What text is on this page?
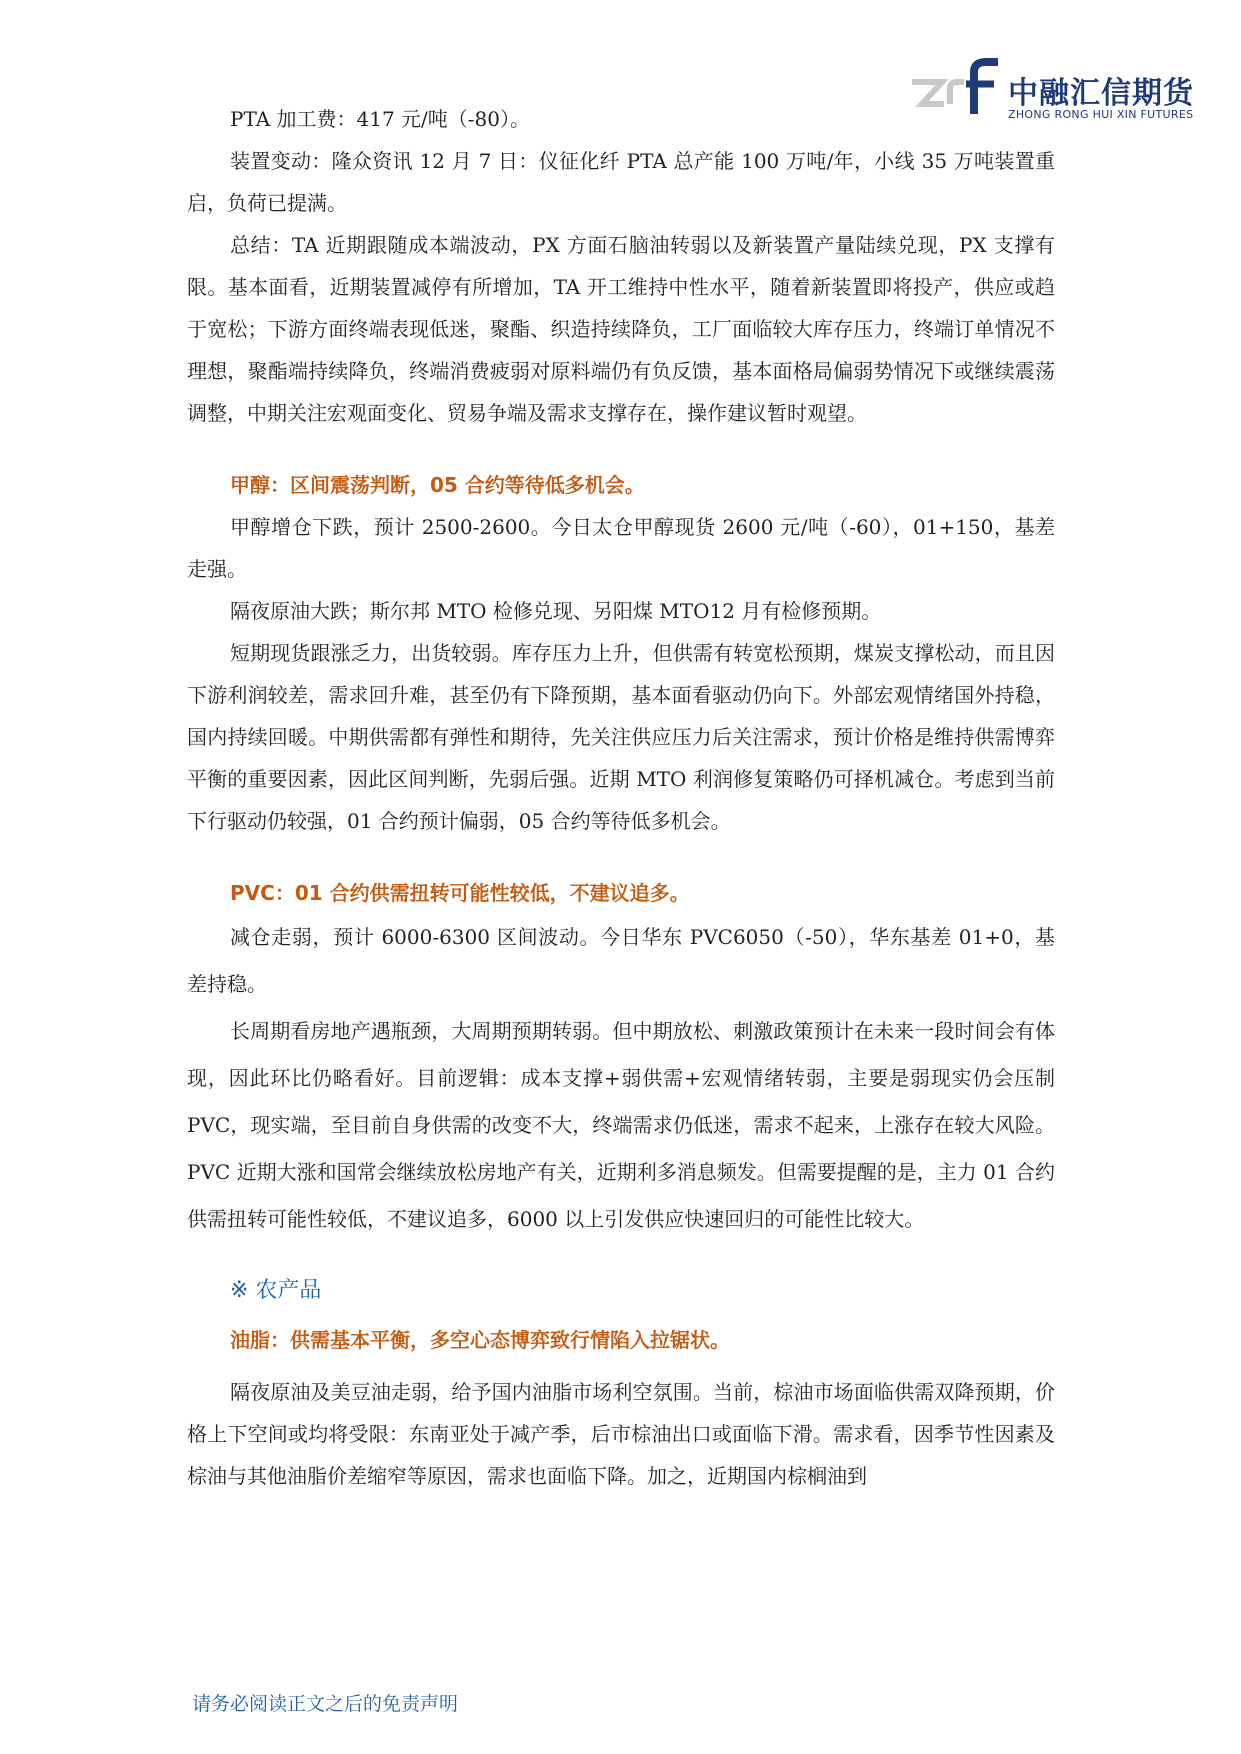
中融汇信期货
ZHONG RONG HUI XIN FUTURES

PTA 加工费：417 元/吨（-80）。

装置变动：隆众资讯 12 月 7 日：仪征化纤 PTA 总产能 100 万吨/年，小线 35 万吨装置重启，负荷已提满。

总结：TA 近期跟随成本端波动，PX 方面石脑油转弱以及新装置产量陆续兑现，PX 支撑有限。基本面看，近期装置减停有所增加，TA 开工维持中性水平，随着新装置即将投产，供应或趋于宽松；下游方面终端表现低迷，聚酯、织造持续降负，工厂面临较大库存压力，终端订单情况不理想，聚酯端持续降负，终端消费疲弱对原料端仍有负反馈，基本面格局偏弱势情况下或继续震荡调整，中期关注宏观面变化、贸易争端及需求支撑存在，操作建议暂时观望。

甲醇：区间震荡判断，05 合约等待低多机会。

甲醇增仓下跌，预计 2500-2600。今日太仓甲醇现货 2600 元/吨（-60），01+150，基差走强。

隔夜原油大跌；斯尔邦 MTO 检修兑现、另阳煤 MTO12 月有检修预期。

短期现货跟涨乏力，出货较弱。库存压力上升，但供需有转宽松预期，煤炭支撑松动，而且因下游利润较差，需求回升难，甚至仍有下降预期，基本面看驱动仍向下。外部宏观情绪国外持稳，国内持续回暖。中期供需都有弹性和期待，先关注供应压力后关注需求，预计价格是维持供需博弈平衡的重要因素，因此区间判断，先弱后强。近期 MTO 利润修复策略仍可择机减仓。考虑到当前下行驱动仍较强，01 合约预计偏弱，05 合约等待低多机会。

PVC：01 合约供需扭转可能性较低，不建议追多。

减仓走弱，预计 6000-6300 区间波动。今日华东 PVC6050（-50），华东基差 01+0，基差持稳。

长周期看房地产遇瓶颈，大周期预期转弱。但中期放松、刺激政策预计在未来一段时间会有体现，因此环比仍略看好。目前逻辑：成本支撑+弱供需+宏观情绪转弱，主要是弱现实仍会压制 PVC，现实端，至目前自身供需的改变不大，终端需求仍低迷，需求不起来，上涨存在较大风险。PVC 近期大涨和国常会继续放松房地产有关，近期利多消息频发。但需要提醒的是，主力 01 合约供需扭转可能性较低，不建议追多，6000 以上引发供应快速回归的可能性比较大。

※ 农产品

油脂：供需基本平衡，多空心态博弈致行情陷入拉锯状。

隔夜原油及美豆油走弱，给予国内油脂市场利空氛围。当前，棕油市场面临供需双降预期，价格上下空间或均将受限：东南亚处于减产季，后市棕油出口或面临下滑。需求看，因季节性因素及棕油与其他油脂价差缩窄等原因，需求也面临下降。加之，近期国内棕榈油到

请务必阅读正文之后的免责声明
